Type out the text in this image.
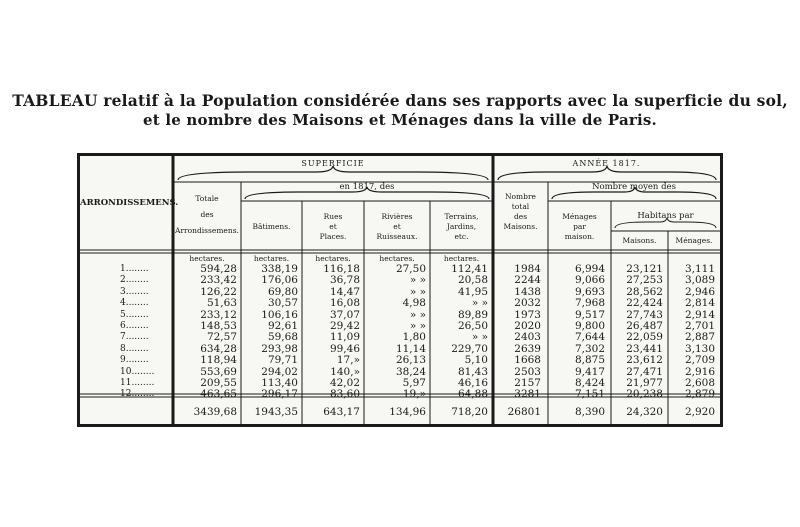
TABLEAU relatif à la Population considérée dans ses rapports avec la superficie du sol,
et le nombre des Maisons et Ménages dans la ville de Paris.
ARRONDISSEMENS.
SUPERFICIE	ANNÉE 1817.
en 1817, des	Nombre moyen des
Habitans par
Totale
des
Arrondissemens.	Bâtimens.
Rues
et
Places.
Rivières
et
Ruisseaux.
Terrains,
Jardins,
etc.
Nombre
total
des
Maisons.
Ménages
par
maison.	Maisons.	Ménages.
hectares.	hectares.	hectares.	hectares.	hectares.
1........	594,28	338,19	116,18	27,50	112,41	1984	6,994	23,121	3,111
2........	233,42	176,06	36,78	» »	20,58	2244	9,066	27,253	3,089
3........	126,22	69,80	14,47	» »	41,95	1438	9,693	28,562	2,946
4........	51,63	30,57	16,08	4,98	» »	2032	7,968	22,424	2,814
5........	233,12	106,16	37,07	» »	89,89	1973	9,517	27,743	2,914
6........	148,53	92,61	29,42	» »	26,50	2020	9,800	26,487	2,701
7........	72,57	59,68	11,09	1,80	» »	2403	7,644	22,059	2,887
8........	634,28	293,98	99,46	11,14	229,70	2639	7,302	23,441	3,130
9........	118,94	79,71	17,»	26,13	5,10	1668	8,875	23,612	2,709
10........	553,69	294,02	140,»	38,24	81,43	2503	9,417	27,471	2,916
11........	209,55	113,40	42,02	5,97	46,16	2157	8,424	21,977	2,608
12........	463,65	296,17	83,60	19,»	64,88	3281	7,151	20,238	2,879
3439,68	1943,35	643,17	134,96	718,20	26801	8,390	24,320	2,920
